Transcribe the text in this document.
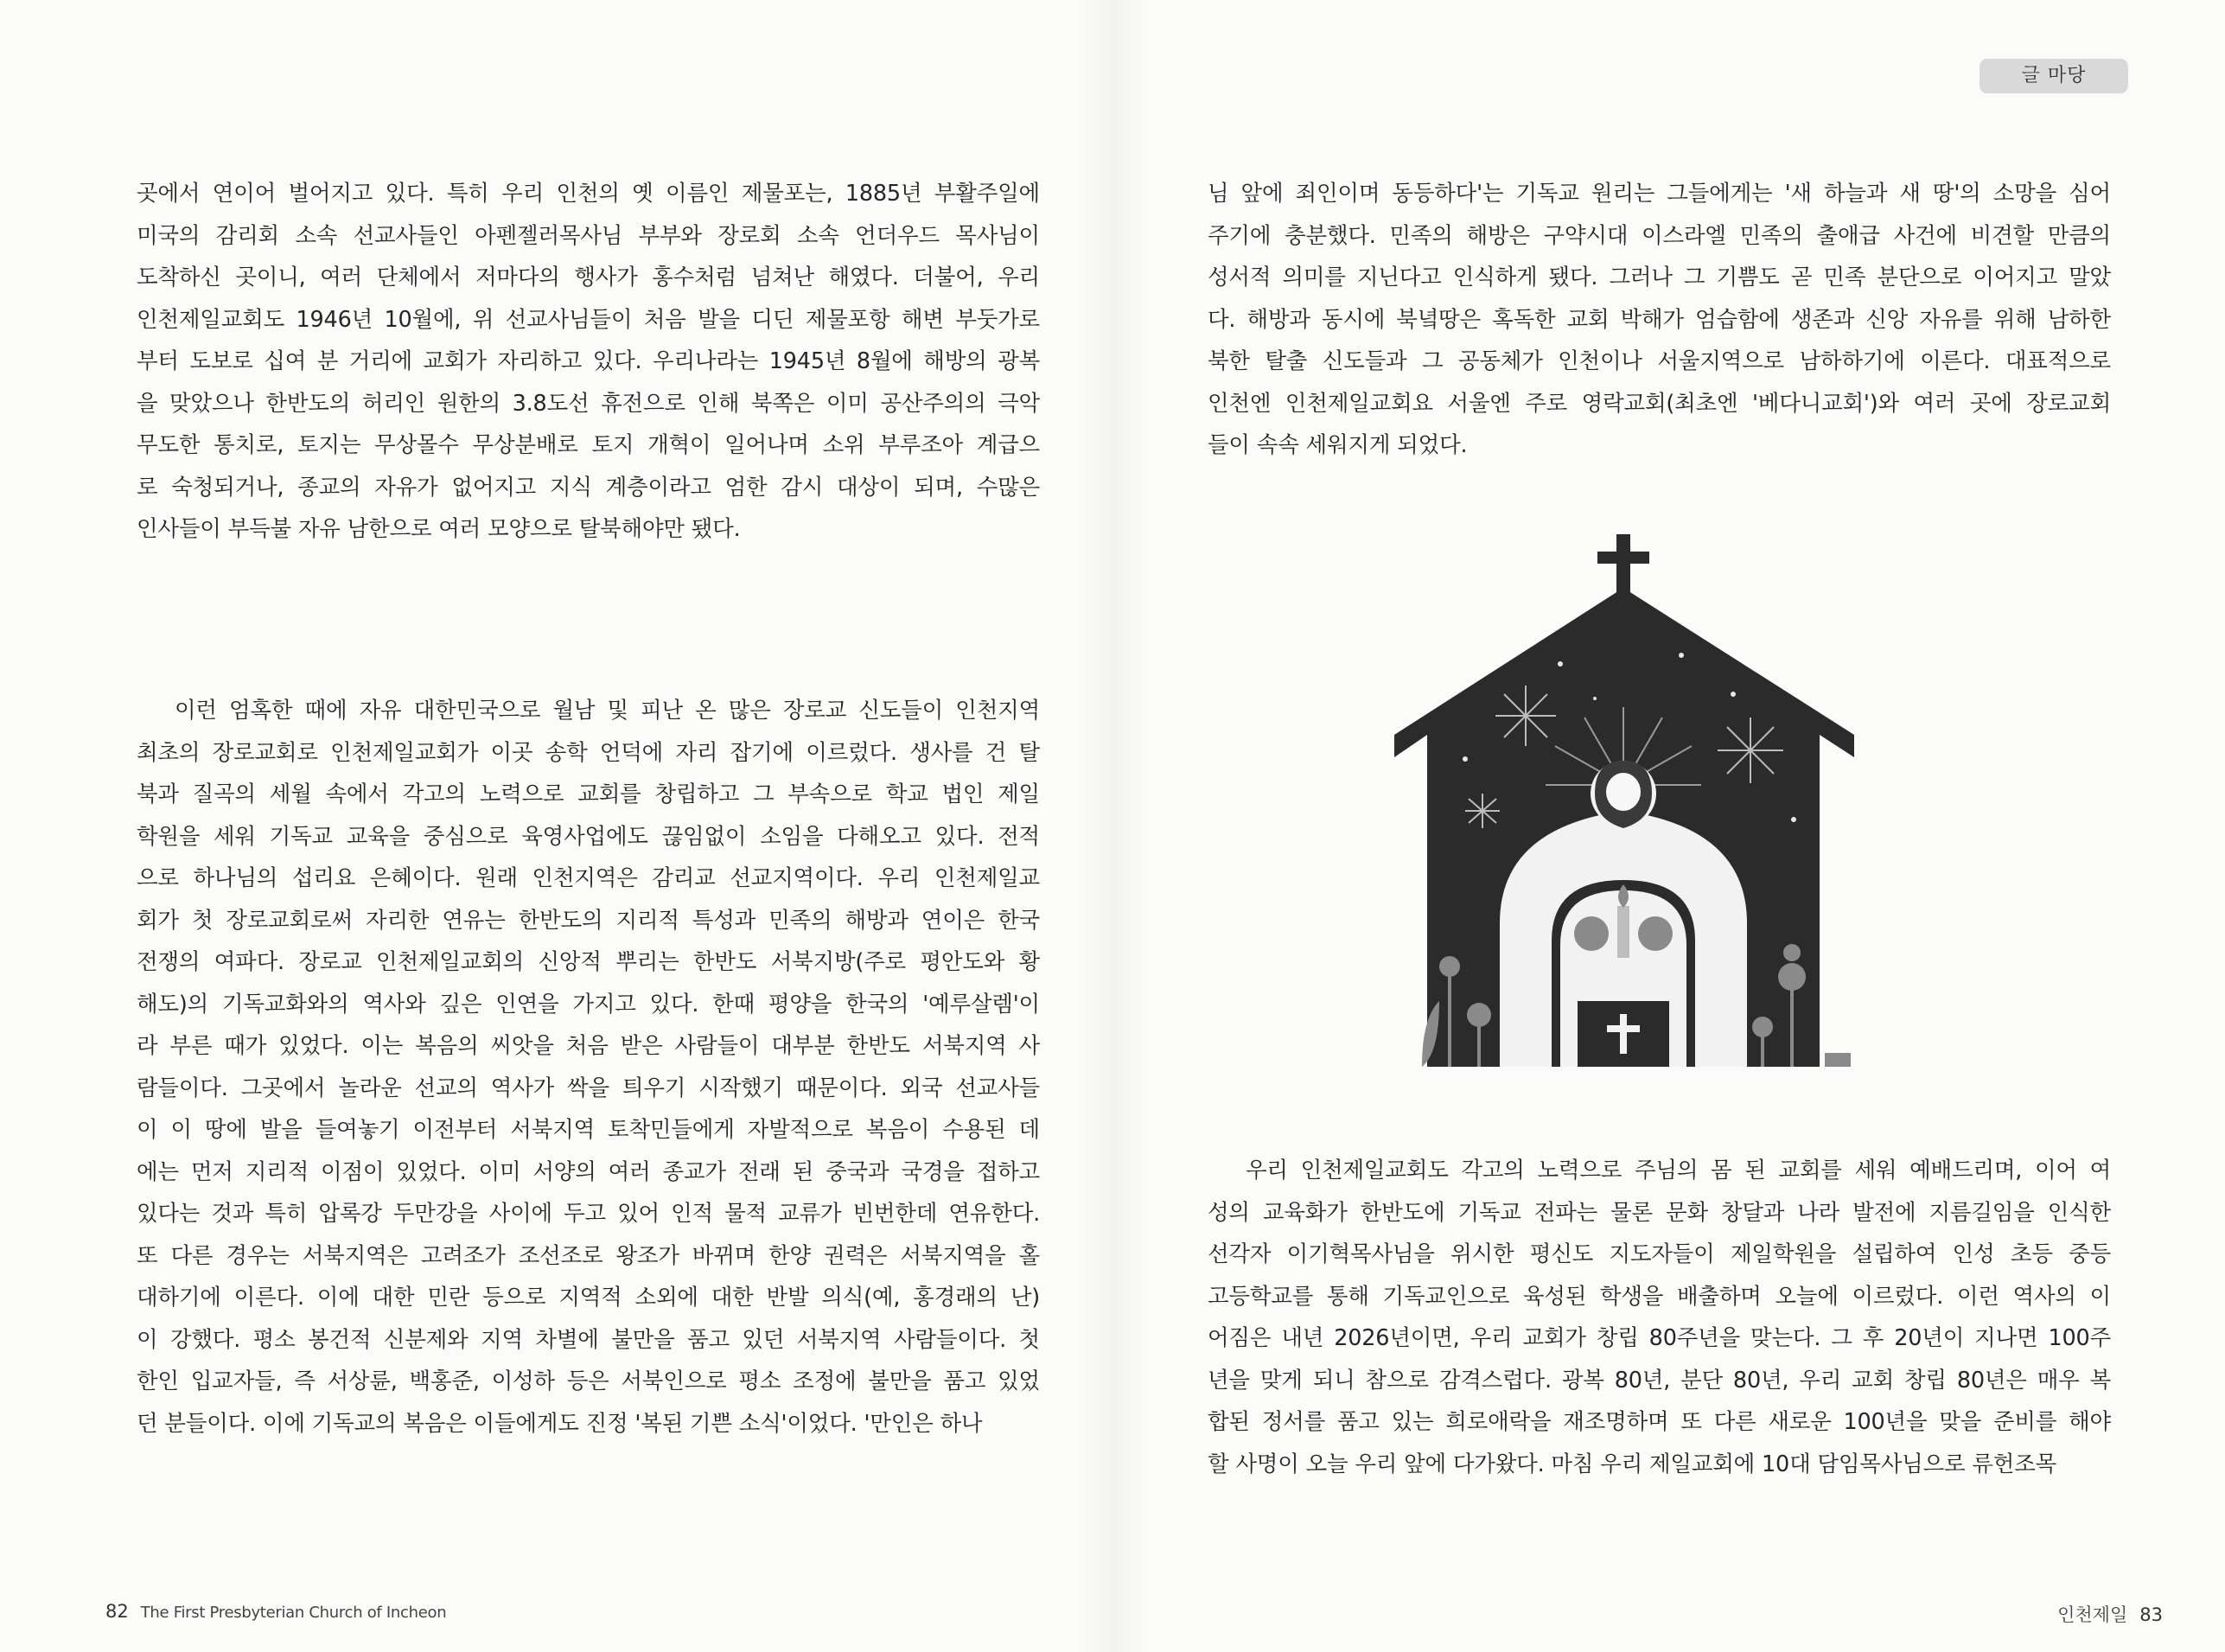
곳에서 연이어 벌어지고 있다. 특히 우리 인천의 옛 이름인 제물포는, 1885년 부활주일에
미국의 감리회 소속 선교사들인 아펜젤러목사님 부부와 장로회 소속 언더우드 목사님이
도착하신 곳이니, 여러 단체에서 저마다의 행사가 홍수처럼 넘쳐난 해였다. 더불어, 우리
인천제일교회도 1946년 10월에, 위 선교사님들이 처음 발을 디딘 제물포항 해변 부둣가로
부터 도보로 십여 분 거리에 교회가 자리하고 있다. 우리나라는 1945년 8월에 해방의 광복
을 맞았으나 한반도의 허리인 원한의 3.8도선 휴전으로 인해 북쪽은 이미 공산주의의 극악
무도한 통치로, 토지는 무상몰수 무상분배로 토지 개혁이 일어나며 소위 부루조아 계급으
로 숙청되거나, 종교의 자유가 없어지고 지식 계층이라고 엄한 감시 대상이 되며, 수많은
인사들이 부득불 자유 남한으로 여러 모양으로 탈북해야만 됐다.
이런 엄혹한 때에 자유 대한민국으로 월남 및 피난 온 많은 장로교 신도들이 인천지역
최초의 장로교회로 인천제일교회가 이곳 송학 언덕에 자리 잡기에 이르렀다. 생사를 건 탈
북과 질곡의 세월 속에서 각고의 노력으로 교회를 창립하고 그 부속으로 학교 법인 제일
학원을 세워 기독교 교육을 중심으로 육영사업에도 끊임없이 소임을 다해오고 있다. 전적
으로 하나님의 섭리요 은혜이다. 원래 인천지역은 감리교 선교지역이다. 우리 인천제일교
회가 첫 장로교회로써 자리한 연유는 한반도의 지리적 특성과 민족의 해방과 연이은 한국
전쟁의 여파다. 장로교 인천제일교회의 신앙적 뿌리는 한반도 서북지방(주로 평안도와 황
해도)의 기독교화와의 역사와 깊은 인연을 가지고 있다. 한때 평양을 한국의 '예루살렘'이
라 부른 때가 있었다. 이는 복음의 씨앗을 처음 받은 사람들이 대부분 한반도 서북지역 사
람들이다. 그곳에서 놀라운 선교의 역사가 싹을 틔우기 시작했기 때문이다. 외국 선교사들
이 이 땅에 발을 들여놓기 이전부터 서북지역 토착민들에게 자발적으로 복음이 수용된 데
에는 먼저 지리적 이점이 있었다. 이미 서양의 여러 종교가 전래 된 중국과 국경을 접하고
있다는 것과 특히 압록강 두만강을 사이에 두고 있어 인적 물적 교류가 빈번한데 연유한다.
또 다른 경우는 서북지역은 고려조가 조선조로 왕조가 바뀌며 한양 권력은 서북지역을 홀
대하기에 이른다. 이에 대한 민란 등으로 지역적 소외에 대한 반발 의식(예, 홍경래의 난)
이 강했다. 평소 봉건적 신분제와 지역 차별에 불만을 품고 있던 서북지역 사람들이다. 첫
한인 입교자들, 즉 서상륜, 백홍준, 이성하 등은 서북인으로 평소 조정에 불만을 품고 있었
던 분들이다. 이에 기독교의 복음은 이들에게도 진정 '복된 기쁜 소식'이었다. '만인은 하나
82 The First Presbyterian Church of Incheon
글 마당
님 앞에 죄인이며 동등하다'는 기독교 원리는 그들에게는 '새 하늘과 새 땅'의 소망을 심어
주기에 충분했다. 민족의 해방은 구약시대 이스라엘 민족의 출애급 사건에 비견할 만큼의
성서적 의미를 지닌다고 인식하게 됐다. 그러나 그 기쁨도 곧 민족 분단으로 이어지고 말았
다. 해방과 동시에 북녘땅은 혹독한 교회 박해가 엄습함에 생존과 신앙 자유를 위해 남하한
북한 탈출 신도들과 그 공동체가 인천이나 서울지역으로 남하하기에 이른다. 대표적으로
인천엔 인천제일교회요 서울엔 주로 영락교회(최초엔 '베다니교회')와 여러 곳에 장로교회
들이 속속 세워지게 되었다.
우리 인천제일교회도 각고의 노력으로 주님의 몸 된 교회를 세워 예배드리며, 이어 여
성의 교육화가 한반도에 기독교 전파는 물론 문화 창달과 나라 발전에 지름길임을 인식한
선각자 이기혁목사님을 위시한 평신도 지도자들이 제일학원을 설립하여 인성 초등 중등
고등학교를 통해 기독교인으로 육성된 학생을 배출하며 오늘에 이르렀다. 이런 역사의 이
어짐은 내년 2026년이면, 우리 교회가 창립 80주년을 맞는다. 그 후 20년이 지나면 100주
년을 맞게 되니 참으로 감격스럽다. 광복 80년, 분단 80년, 우리 교회 창립 80년은 매우 복
합된 정서를 품고 있는 희로애락을 재조명하며 또 다른 새로운 100년을 맞을 준비를 해야
할 사명이 오늘 우리 앞에 다가왔다. 마침 우리 제일교회에 10대 담임목사님으로 류헌조목
인천제일 83
